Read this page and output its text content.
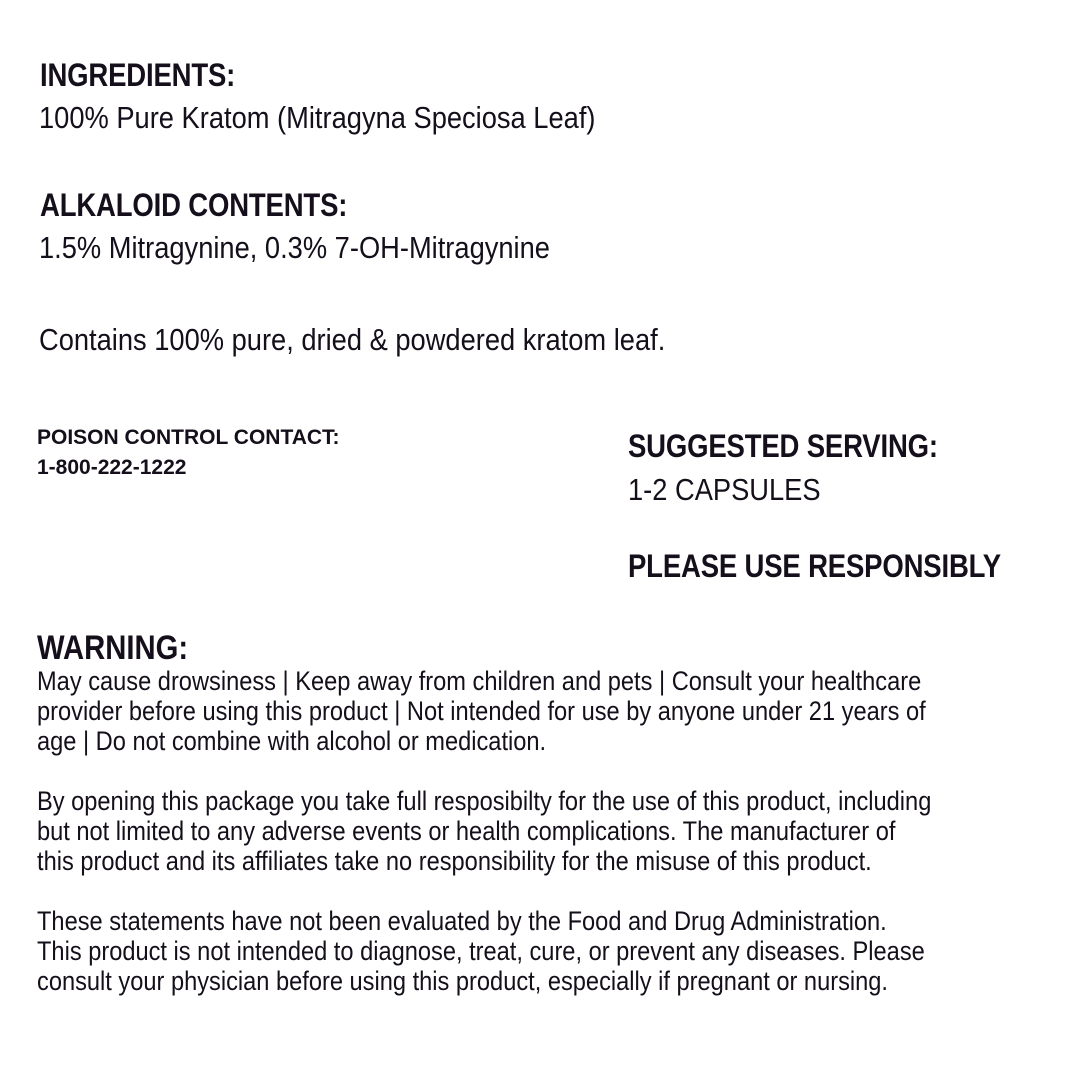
INGREDIENTS:
100% Pure Kratom (Mitragyna Speciosa Leaf)
ALKALOID CONTENTS:
1.5% Mitragynine, 0.3% 7-OH-Mitragynine
Contains 100% pure, dried & powdered kratom leaf.
POISON CONTROL CONTACT:
1-800-222-1222
SUGGESTED SERVING:
1-2 CAPSULES
PLEASE USE RESPONSIBLY
WARNING:
May cause drowsiness | Keep away from children and pets | Consult your healthcare
provider before using this product | Not intended for use by anyone under 21 years of
age | Do not combine with alcohol or medication.
By opening this package you take full resposibilty for the use of this product, including
but not limited to any adverse events or health complications. The manufacturer of
this product and its affiliates take no responsibility for the misuse of this product.
These statements have not been evaluated by the Food and Drug Administration.
This product is not intended to diagnose, treat, cure, or prevent any diseases. Please
consult your physician before using this product, especially if pregnant or nursing.
